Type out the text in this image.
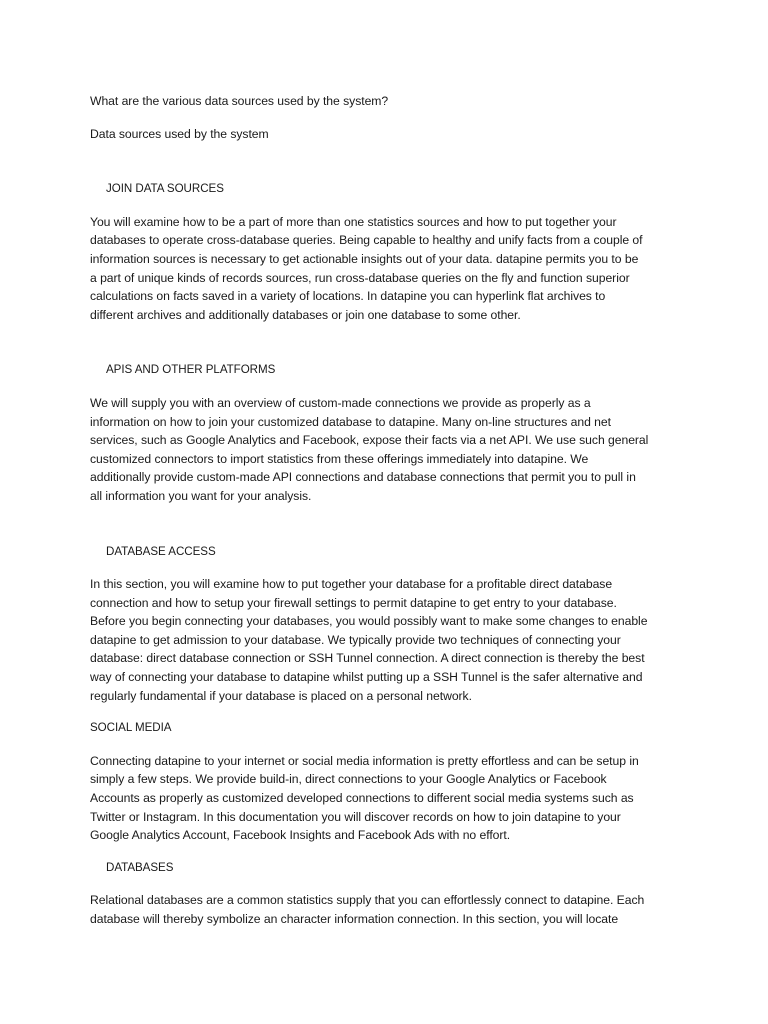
What are the various data sources used by the system?

Data sources used by the system

JOIN DATA SOURCES

You will examine how to be a part of more than one statistics sources and how to put together your

databases to operate cross-database queries. Being capable to healthy and unify facts from a couple of

information sources is necessary to get actionable insights out of your data. datapine permits you to be

a part of unique kinds of records sources, run cross-database queries on the fly and function superior

calculations on facts saved in a variety of locations. In datapine you can hyperlink flat archives to

different archives and additionally databases or join one database to some other.

APIS AND OTHER PLATFORMS

We will supply you with an overview of custom-made connections we provide as properly as a

information on how to join your customized database to datapine. Many on-line structures and net

services, such as Google Analytics and Facebook, expose their facts via a net API. We use such general

customized connectors to import statistics from these offerings immediately into datapine. We

additionally provide custom-made API connections and database connections that permit you to pull in

all information you want for your analysis.

DATABASE ACCESS

In this section, you will examine how to put together your database for a profitable direct database

connection and how to setup your firewall settings to permit datapine to get entry to your database.

Before you begin connecting your databases, you would possibly want to make some changes to enable

datapine to get admission to your database. We typically provide two techniques of connecting your

database: direct database connection or SSH Tunnel connection. A direct connection is thereby the best

way of connecting your database to datapine whilst putting up a SSH Tunnel is the safer alternative and

regularly fundamental if your database is placed on a personal network.

SOCIAL MEDIA

Connecting datapine to your internet or social media information is pretty effortless and can be setup in

simply a few steps. We provide build-in, direct connections to your Google Analytics or Facebook

Accounts as properly as customized developed connections to different social media systems such as

Twitter or Instagram. In this documentation you will discover records on how to join datapine to your

Google Analytics Account, Facebook Insights and Facebook Ads with no effort.

DATABASES

Relational databases are a common statistics supply that you can effortlessly connect to datapine. Each

database will thereby symbolize an character information connection. In this section, you will locate
